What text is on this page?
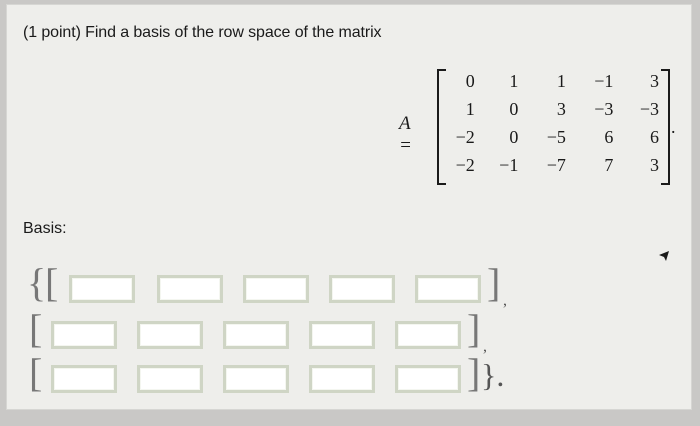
(1 point) Find a basis of the row space of the matrix
A =
0	1	1	−1	3
1	0	3	−3	−3
−2	0	−5	6	6
−2	−1	−7	7	3
.
Basis:
{
[	] ,
[	] ,
[	] }.
